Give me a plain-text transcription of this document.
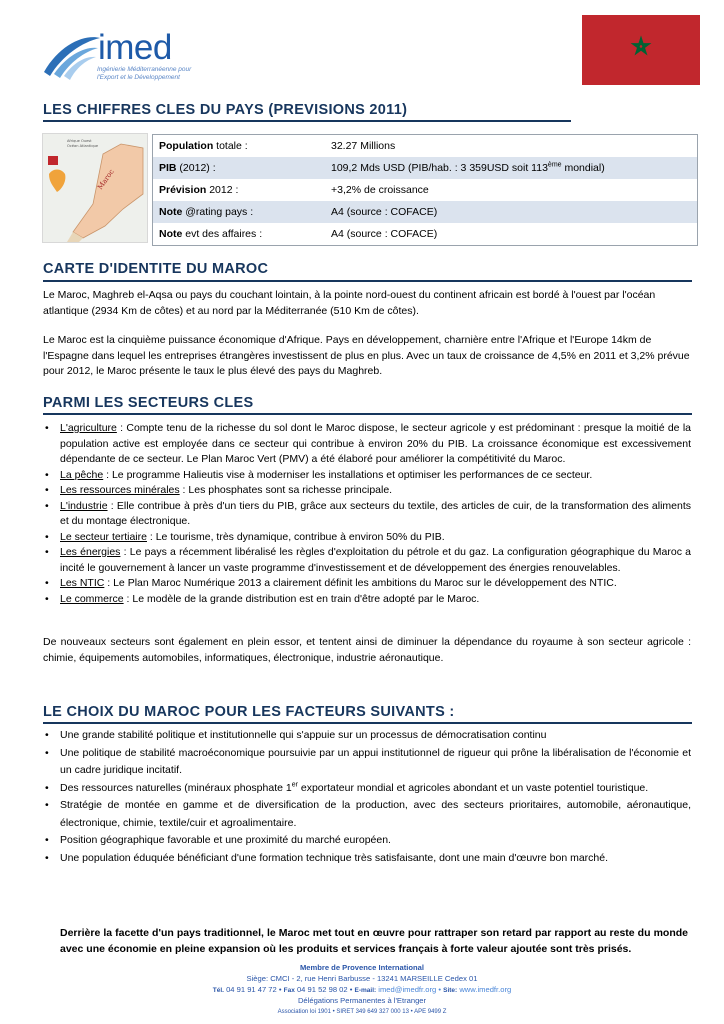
imed
Ingénierie Méditerranéenne pour
l'Export et le Développement
LES CHIFFRES CLES DU PAYS (PREVISIONS 2011)
Maroc
Afrique Ouest
Océan Atlantique	Population totale :	32.27 Millions
PIB (2012) :	109,2 Mds USD (PIB/hab. : 3 359USD soit 113ème mondial)
Prévision 2012 :	+3,2% de croissance
Note @rating pays :	A4 (source : COFACE)
Note evt des affaires :	A4 (source : COFACE)
CARTE D'IDENTITE DU MAROC
Le Maroc, Maghreb el-Aqsa ou pays du couchant lointain, à la pointe nord-ouest du continent africain est bordé à l'ouest par l'océan atlantique (2934 Km de côtes) et au nord par la Méditerranée (510 Km de côtes).
Le Maroc est la cinquième puissance économique d'Afrique. Pays en développement, charnière entre l'Afrique et l'Europe 14km de l'Espagne dans lequel les entreprises étrangères investissent de plus en plus. Avec un taux de croissance de 4,5% en 2011 et 3,2% prévue pour 2012, le Maroc présente le taux le plus élevé des pays du Maghreb.
PARMI LES SECTEURS CLES
• L'agriculture : Compte tenu de la richesse du sol dont le Maroc dispose, le secteur agricole y est prédominant : presque la moitié de la population active est employée dans ce secteur qui contribue à environ 20% du PIB. La croissance économique est excessivement dépendante de ce secteur. Le Plan Maroc Vert (PMV) a été élaboré pour améliorer la compétitivité du Maroc.
• La pêche : Le programme Halieutis vise à moderniser les installations et optimiser les performances de ce secteur.
• Les ressources minérales : Les phosphates sont sa richesse principale.
• L'industrie : Elle contribue à près d'un tiers du PIB, grâce aux secteurs du textile, des articles de cuir, de la transformation des aliments et du montage électronique.
• Le secteur tertiaire : Le tourisme, très dynamique, contribue à environ 50% du PIB.
• Les énergies : Le pays a récemment libéralisé les règles d'exploitation du pétrole et du gaz. La configuration géographique du Maroc a incité le gouvernement à lancer un vaste programme d'investissement et de développement des énergies renouvelables.
• Les NTIC : Le Plan Maroc Numérique 2013 a clairement définit les ambitions du Maroc sur le développement des NTIC.
• Le commerce : Le modèle de la grande distribution est en train d'être adopté par le Maroc.
De nouveaux secteurs sont également en plein essor, et tentent ainsi de diminuer la dépendance du royaume à son secteur agricole : chimie, équipements automobiles, informatiques, électronique, industrie aéronautique.
LE CHOIX DU MAROC POUR LES FACTEURS SUIVANTS :
• Une grande stabilité politique et institutionnelle qui s'appuie sur un processus de démocratisation continu
• Une politique de stabilité macroéconomique poursuivie par un appui institutionnel de rigueur qui prône la libéralisation de l'économie et un cadre juridique incitatif.
• Des ressources naturelles (minéraux phosphate 1er exportateur mondial et agricoles abondant et un vaste potentiel touristique.
• Stratégie de montée en gamme et de diversification de la production, avec des secteurs prioritaires, automobile, aéronautique, électronique, chimie, textile/cuir et agroalimentaire.
• Position géographique favorable et une proximité du marché européen.
• Une population éduquée bénéficiant d'une formation technique très satisfaisante, dont une main d'œuvre bon marché.
Derrière la facette d'un pays traditionnel, le Maroc met tout en œuvre pour rattraper son retard par rapport au reste du monde avec une économie en pleine expansion où les produits et services français à forte valeur ajoutée sont très prisés.
Membre de Provence International
Siège: CMCI - 2, rue Henri Barbusse - 13241 MARSEILLE Cedex 01
Tél. 04 91 91 47 72 • Fax 04 91 52 98 02 • E-mail: imed@imedfr.org • Site: www.imedfr.org
Délégations Permanentes à l'Etranger
Association loi 1901 • SIRET 349 649 327 000 13 • APE 9499 Z
